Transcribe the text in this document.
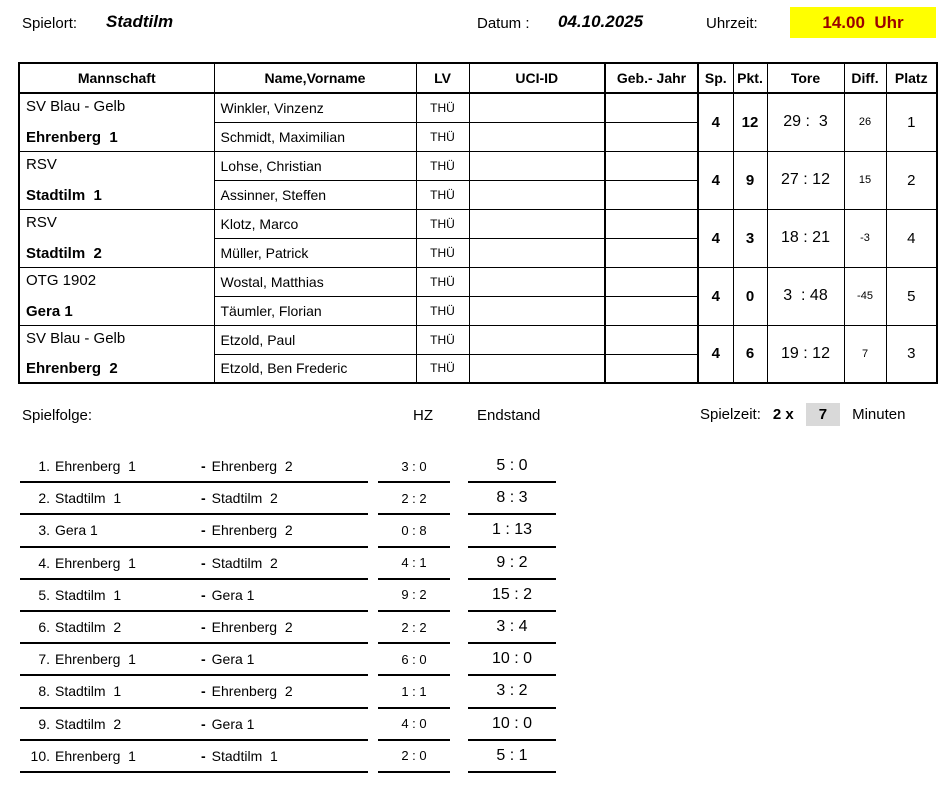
Spielort: Stadtilm	Datum : 04.10.2025	Uhrzeit:	14.00  Uhr
Mannschaft	Name,Vorname	LV	UCI-ID	Geb.- Jahr	Sp.	Pkt.	Tore	Diff.	Platz

SV Blau - Gelb
Ehrenberg  1	Winkler, Vinzenz	THÜ			4	12	29 :  3	26	1
	Schmidt, Maximilian	THÜ							

RSV
Stadtilm  1	Lohse, Christian	THÜ			4	9	27 : 12	15	2
	Assinner, Steffen	THÜ							

RSV
Stadtilm  2	Klotz, Marco	THÜ			4	3	18 : 21	-3	4
	Müller, Patrick	THÜ							

OTG 1902
Gera 1	Wostal, Matthias	THÜ			4	0	3  : 48	-45	5
	Täumler, Florian	THÜ							

SV Blau - Gelb
Ehrenberg  2	Etzold, Paul	THÜ			4	6	19 : 12	7	3
	Etzold, Ben Frederic	THÜ							
Spielfolge:	HZ	Endstand	Spielzeit: 2 x	7	Minuten
1. Ehrenberg  1	- Ehrenberg  2	3 : 0	5 : 0
2. Stadtilm  1	- Stadtilm  2	2 : 2	8 : 3
3. Gera 1	- Ehrenberg  2	0 : 8	1 : 13
4. Ehrenberg  1	- Stadtilm  2	4 : 1	9 : 2
5. Stadtilm  1	- Gera 1	9 : 2	15 : 2
6. Stadtilm  2	- Ehrenberg  2	2 : 2	3 : 4
7. Ehrenberg  1	- Gera 1	6 : 0	10 : 0
8. Stadtilm  1	- Ehrenberg  2	1 : 1	3 : 2
9. Stadtilm  2	- Gera 1	4 : 0	10 : 0
10. Ehrenberg  1	- Stadtilm  1	2 : 0	5 : 1
